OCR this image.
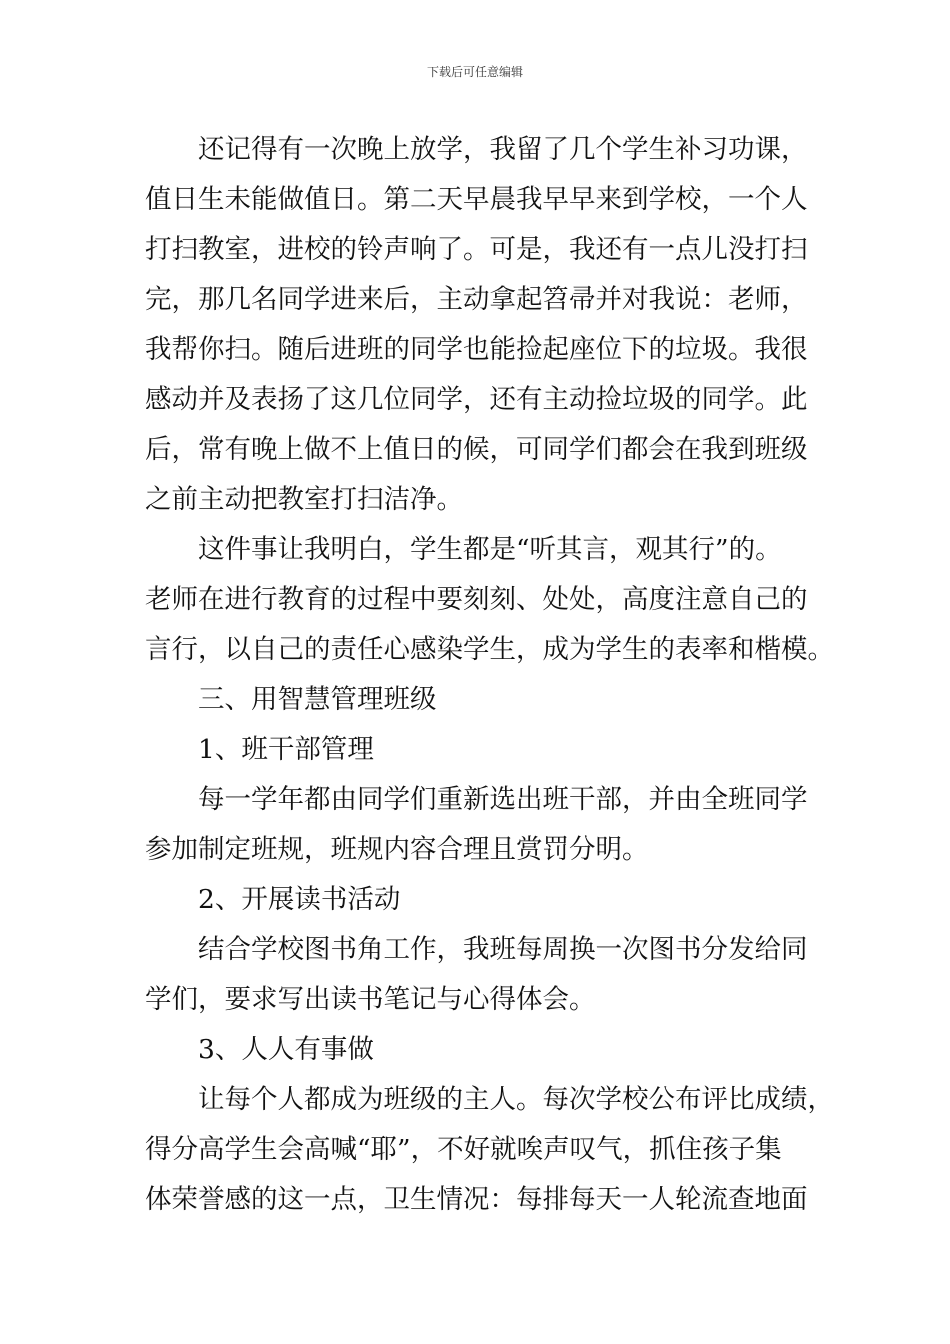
下载后可任意编辑
还记得有一次晚上放学，我留了几个学生补习功课，
值日生未能做值日。第二天早晨我早早来到学校，一个人
打扫教室，进校的铃声响了。可是，我还有一点儿没打扫
完，那几名同学进来后，主动拿起笤帚并对我说：老师，
我帮你扫。随后进班的同学也能捡起座位下的垃圾。我很
感动并及表扬了这几位同学，还有主动捡垃圾的同学。此
后，常有晚上做不上值日的候，可同学们都会在我到班级
之前主动把教室打扫洁净。
这件事让我明白，学生都是“听其言，观其行”的。
老师在进行教育的过程中要刻刻、处处，高度注意自己的
言行，以自己的责任心感染学生，成为学生的表率和楷模。
三、用智慧管理班级
1、班干部管理
每一学年都由同学们重新选出班干部，并由全班同学
参加制定班规，班规内容合理且赏罚分明。
2、开展读书活动
结合学校图书角工作，我班每周换一次图书分发给同
学们，要求写出读书笔记与心得体会。
3、人人有事做
让每个人都成为班级的主人。每次学校公布评比成绩，
得分高学生会高喊“耶”，不好就唉声叹气，抓住孩子集
体荣誉感的这一点，卫生情况：每排每天一人轮流查地面
